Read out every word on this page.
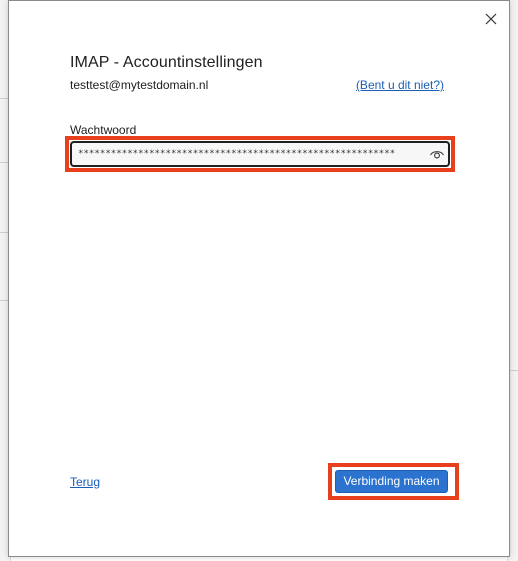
IMAP - Accountinstellingen
testtest@mytestdomain.nl	(Bent u dit niet?)
Wachtwoord
**********************************************************
Terug	Verbinding maken
